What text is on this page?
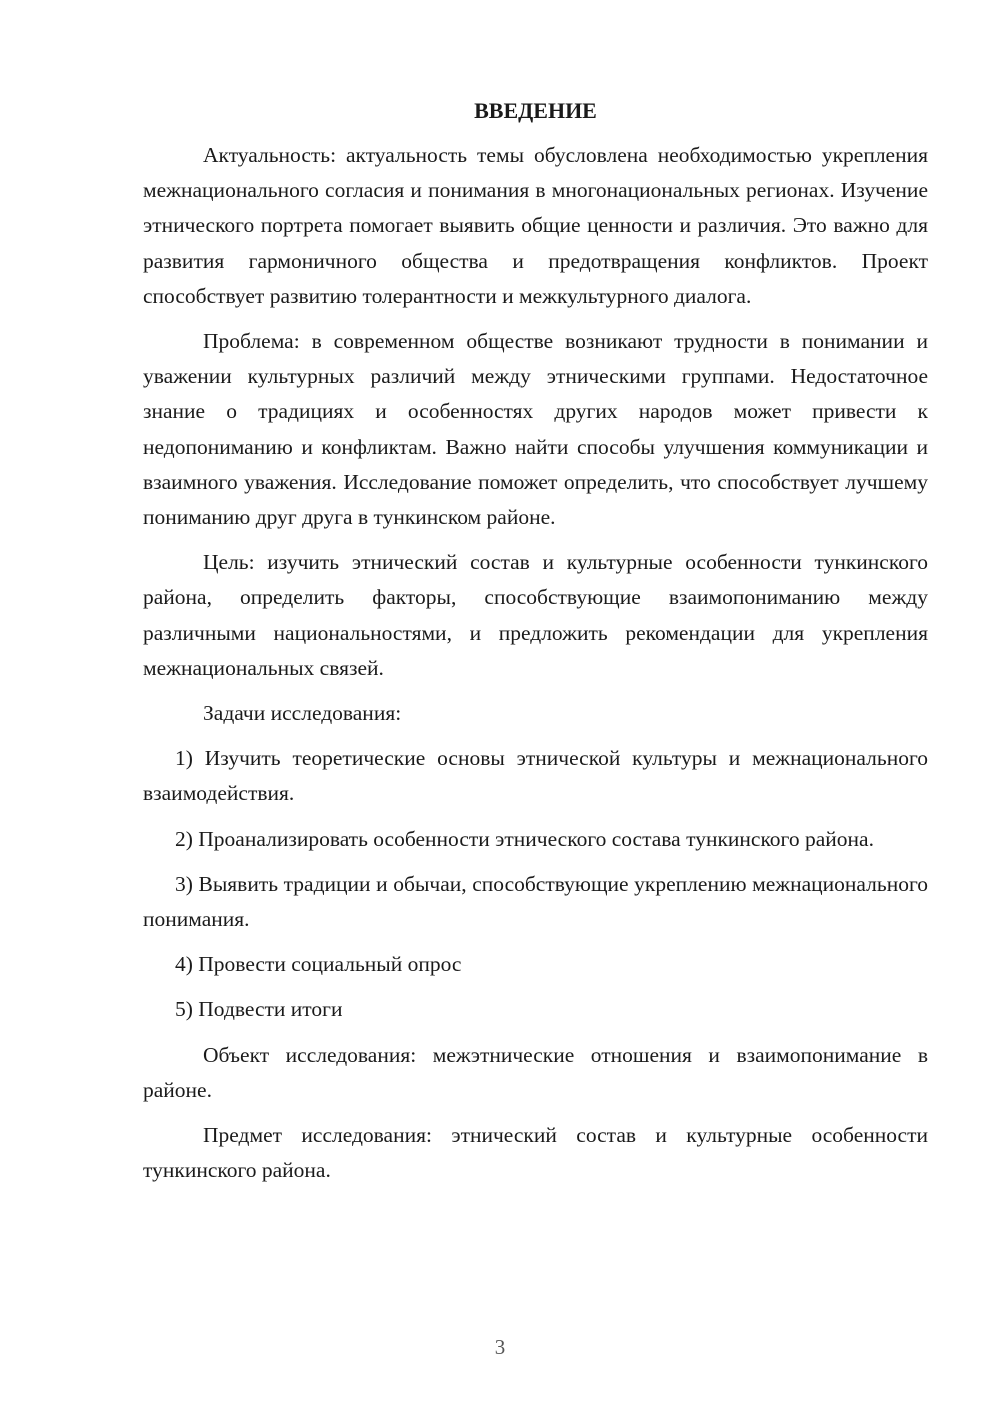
ВВЕДЕНИЕ

Актуальность: актуальность темы обусловлена необходимостью укрепления межнационального согласия и понимания в многонациональных регионах. Изучение этнического портрета помогает выявить общие ценности и различия. Это важно для развития гармоничного общества и предотвращения конфликтов. Проект способствует развитию толерантности и межкультурного диалога.

Проблема: в современном обществе возникают трудности в понимании и уважении культурных различий между этническими группами. Недостаточное знание о традициях и особенностях других народов может привести к недопониманию и конфликтам. Важно найти способы улучшения коммуникации и взаимного уважения. Исследование поможет определить, что способствует лучшему пониманию друг друга в тункинском районе.

Цель: изучить этнический состав и культурные особенности тункинского района, определить факторы, способствующие взаимопониманию между различными национальностями, и предложить рекомендации для укрепления межнациональных связей.

Задачи исследования:

1) Изучить теоретические основы этнической культуры и межнационального взаимодействия.

2) Проанализировать особенности этнического состава тункинского района.

3) Выявить традиции и обычаи, способствующие укреплению межнационального понимания.

4) Провести социальный опрос

5) Подвести итоги

Объект исследования: межэтнические отношения и взаимопонимание в районе.

Предмет исследования: этнический состав и культурные особенности тункинского района.

3
